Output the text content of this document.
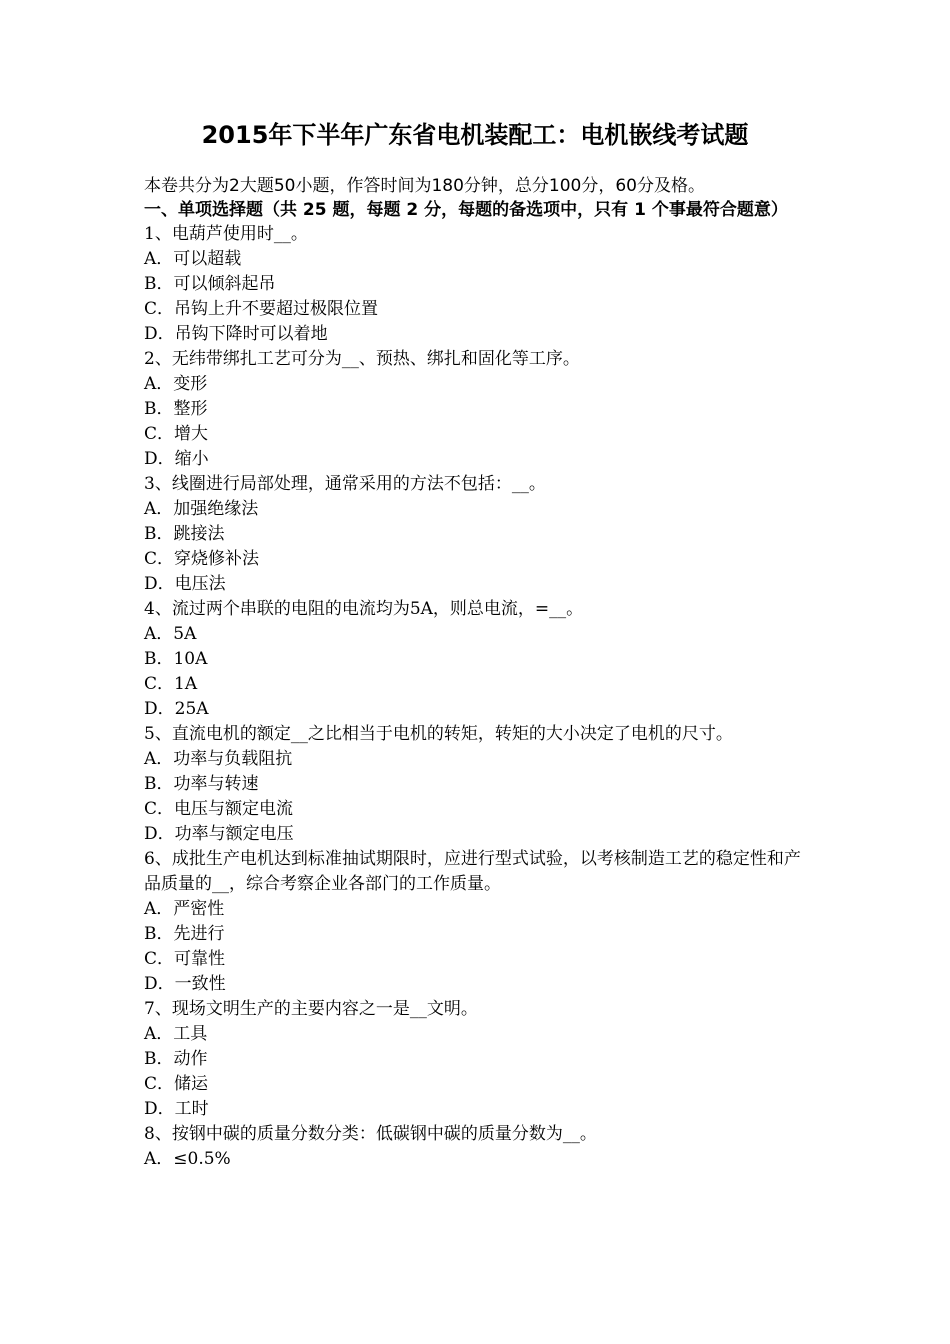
2015年下半年广东省电机装配工：电机嵌线考试题

本卷共分为2大题50小题，作答时间为180分钟，总分100分，60分及格。

一、单项选择题（共 25 题，每题 2 分，每题的备选项中，只有 1 个事最符合题意）

1、电葫芦使用时__。

A．可以超载

B．可以倾斜起吊

C．吊钩上升不要超过极限位置

D．吊钩下降时可以着地

2、无纬带绑扎工艺可分为__、预热、绑扎和固化等工序。

A．变形

B．整形

C．增大

D．缩小

3、线圈进行局部处理，通常采用的方法不包括：__。

A．加强绝缘法

B．跳接法

C．穿烧修补法

D．电压法

4、流过两个串联的电阻的电流均为5A，则总电流，=__。

A．5A

B．10A

C．1A

D．25A

5、直流电机的额定__之比相当于电机的转矩，转矩的大小决定了电机的尺寸。

A．功率与负载阻抗

B．功率与转速

C．电压与额定电流

D．功率与额定电压

6、成批生产电机达到标准抽试期限时，应进行型式试验，以考核制造工艺的稳定性和产品质量的__，综合考察企业各部门的工作质量。

A．严密性

B．先进行

C．可靠性

D．一致性

7、现场文明生产的主要内容之一是__文明。

A．工具

B．动作

C．储运

D．工时

8、按钢中碳的质量分数分类：低碳钢中碳的质量分数为__。

A．≤0.5%
